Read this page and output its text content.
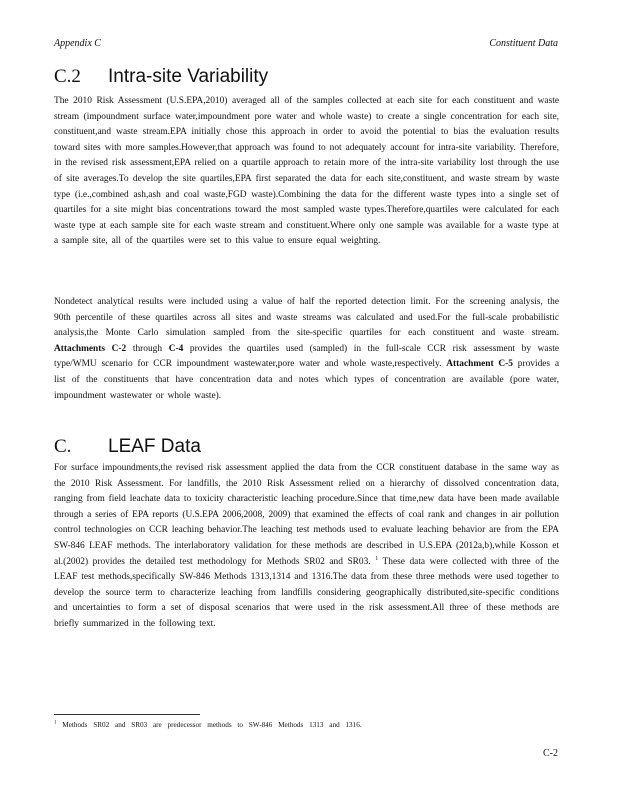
Appendix C	Constituent Data
C.2 Intra-site Variability

The 2010 Risk Assessment (U.S.EPA,2010) averaged all of the samples collected at each site for each constituent and waste stream (impoundment surface water,impoundment pore water and whole waste) to create a single concentration for each site, constituent,and waste stream.EPA initially chose this approach in order to avoid the potential to bias the evaluation results toward sites with more samples.However,that approach was found to not adequately account for intra-site variability. Therefore, in the revised risk assessment,EPA relied on a quartile approach to retain more of the intra-site variability lost through the use of site averages.To develop the site quartiles,EPA first separated the data for each site,constituent, and waste stream by waste type (i.e.,combined ash,ash and coal waste,FGD waste).Combining the data for the different waste types into a single set of quartiles for a site might bias concentrations toward the most sampled waste types.Therefore,quartiles were calculated for each waste type at each sample site for each waste stream and constituent.Where only one sample was available for a waste type at a sample site, all of the quartiles were set to this value to ensure equal weighting.

Nondetect analytical results were included using a value of half the reported detection limit. For the screening analysis, the 90th percentile of these quartiles across all sites and waste streams was calculated and used.For the full-scale probabilistic analysis,the Monte Carlo simulation sampled from the site-specific quartiles for each constituent and waste stream. Attachments C-2 through C-4 provides the quartiles used (sampled) in the full-scale CCR risk assessment by waste type/WMU scenario for CCR impoundment wastewater,pore water and whole waste,respectively. Attachment C-5 provides a list of the constituents that have concentration data and notes which types of concentration are available (pore water, impoundment wastewater or whole waste).

C. LEAF Data

For surface impoundments,the revised risk assessment applied the data from the CCR constituent database in the same way as the 2010 Risk Assessment. For landfills, the 2010 Risk Assessment relied on a hierarchy of dissolved concentration data, ranging from field leachate data to toxicity characteristic leaching procedure.Since that time,new data have been made available through a series of EPA reports (U.S.EPA 2006,2008, 2009) that examined the effects of coal rank and changes in air pollution control technologies on CCR leaching behavior.The leaching test methods used to evaluate leaching behavior are from the EPA SW-846 LEAF methods. The interlaboratory validation for these methods are described in U.S.EPA (2012a,b),while Kosson et al.(2002) provides the detailed test methodology for Methods SR02 and SR03. $^1$ These data were collected with three of the LEAF test methods,specifically SW-846 Methods 1313,1314 and 1316.The data from these three methods were used together to develop the source term to characterize leaching from landfills considering geographically distributed,site-specific conditions and uncertainties to form a set of disposal scenarios that were used in the risk assessment.All three of these methods are briefly summarized in the following text.

$^1$ Methods SR02 and SR03 are predecessor methods to SW-846 Methods 1313 and 1316.
C-2
